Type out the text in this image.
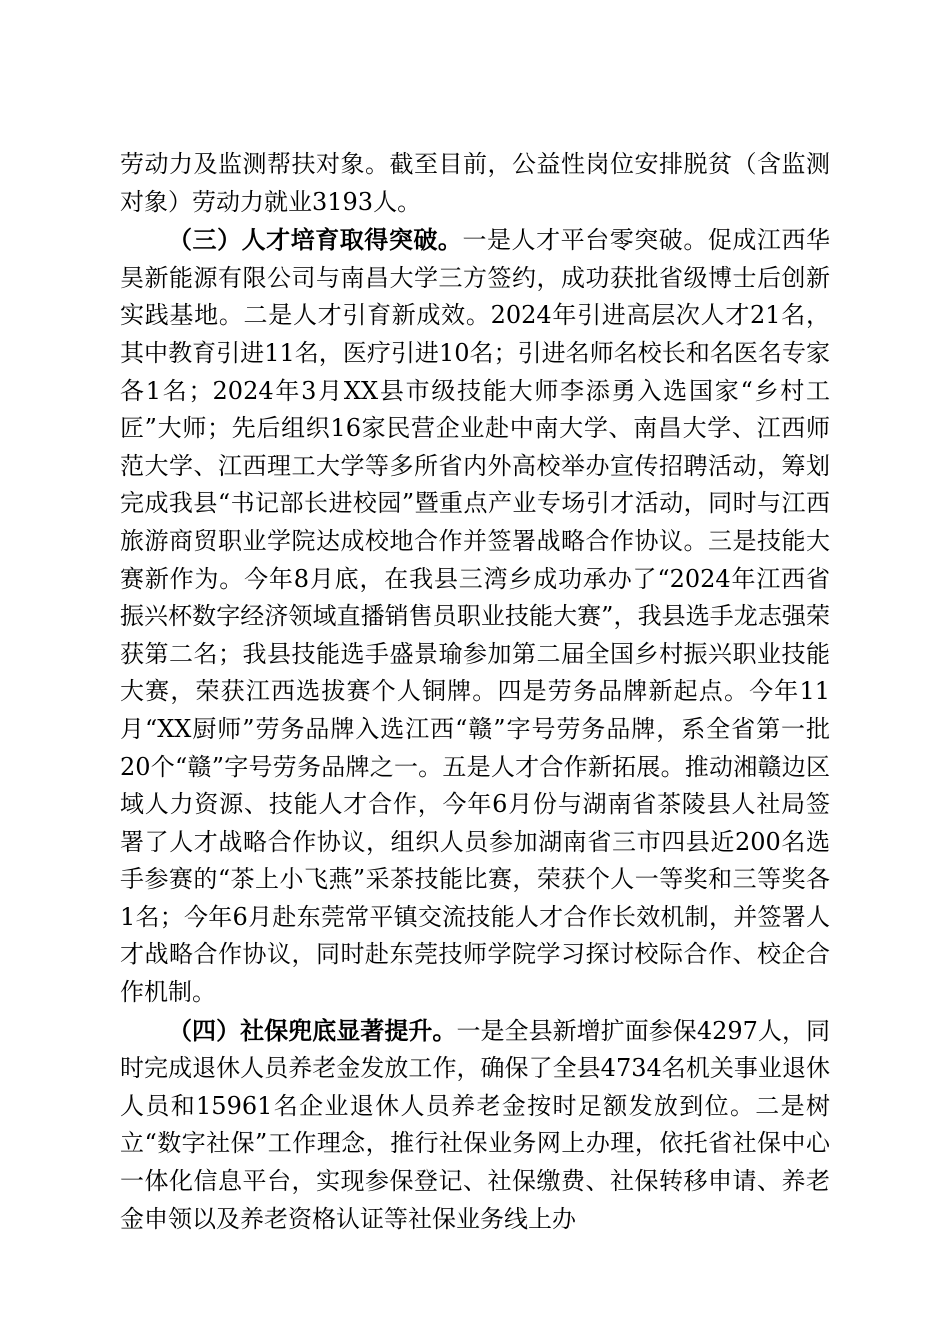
劳动力及监测帮扶对象。截至目前，公益性岗位安排脱贫（含监测对象）劳动力就业3193人。

（三）人才培育取得突破。一是人才平台零突破。促成江西华昊新能源有限公司与南昌大学三方签约，成功获批省级博士后创新实践基地。二是人才引育新成效。2024年引进高层次人才21名，其中教育引进11名，医疗引进10名；引进名师名校长和名医名专家各1名；2024年3月XX县市级技能大师李添勇入选国家“乡村工匠”大师；先后组织16家民营企业赴中南大学、南昌大学、江西师范大学、江西理工大学等多所省内外高校举办宣传招聘活动，筹划完成我县“书记部长进校园”暨重点产业专场引才活动，同时与江西旅游商贸职业学院达成校地合作并签署战略合作协议。三是技能大赛新作为。今年8月底，在我县三湾乡成功承办了“2024年江西省振兴杯数字经济领域直播销售员职业技能大赛”，我县选手龙志强荣获第二名；我县技能选手盛景瑜参加第二届全国乡村振兴职业技能大赛，荣获江西选拔赛个人铜牌。四是劳务品牌新起点。今年11月“XX厨师”劳务品牌入选江西“赣”字号劳务品牌，系全省第一批20个“赣”字号劳务品牌之一。五是人才合作新拓展。推动湘赣边区域人力资源、技能人才合作，今年6月份与湖南省茶陵县人社局签署了人才战略合作协议，组织人员参加湖南省三市四县近200名选手参赛的“茶上小飞燕”采茶技能比赛，荣获个人一等奖和三等奖各1名；今年6月赴东莞常平镇交流技能人才合作长效机制，并签署人才战略合作协议，同时赴东莞技师学院学习探讨校际合作、校企合作机制。

（四）社保兜底显著提升。一是全县新增扩面参保4297人，同时完成退休人员养老金发放工作，确保了全县4734名机关事业退休人员和15961名企业退休人员养老金按时足额发放到位。二是树立“数字社保”工作理念，推行社保业务网上办理，依托省社保中心一体化信息平台，实现参保登记、社保缴费、社保转移申请、养老金申领以及养老资格认证等社保业务线上办
